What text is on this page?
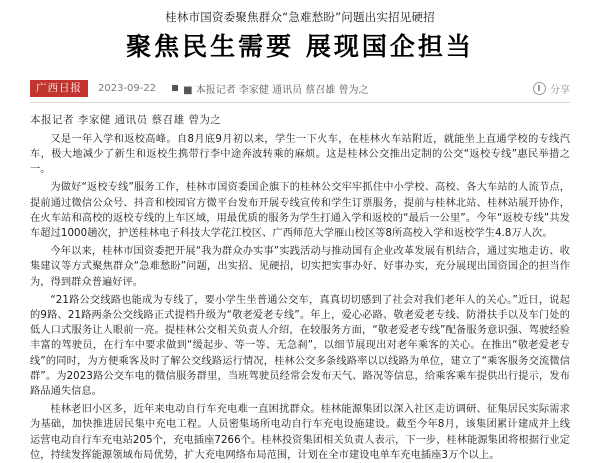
桂林市国资委聚焦群众“急难愁盼”问题出实招见硬招
聚焦民生需要 展现国企担当
广西日报	2023-09-22	■ 本报记者 李家健 通讯员 蔡召雄 曾为之	分享
本报记者 李家健 通讯员 蔡召雄 曾为之

又是一年入学和返校高峰。自8月底9月初以来，学生一下火车，在桂林火车站附近，就能坐上直通学校的专线汽车，极大地减少了新生和返校生携带行李中途奔波转乘的麻烦。这是桂林公交推出定制的公交“返校专线”惠民举措之一。

为做好“返校专线”服务工作，桂林市国资委国企旗下的桂林公交牢牢抓住中小学校、高校、各大车站的人流节点，提前通过微信公众号、抖音和校园官方微平台发布开展专线宣传和学生订票服务，提前与桂林北站、桂林站展开协作，在火车站和高校的返校专线的上车区域，用最优质的服务为学生打通入学和返校的“最后一公里”。今年“返校专线”共发车超过1000趟次，护送桂林电子科技大学花江校区、广西师范大学雁山校区等8所高校入学和返校学生4.8万人次。

今年以来，桂林市国资委把开展“我为群众办实事”实践活动与推动国有企业改革发展有机结合，通过实地走访、收集建议等方式聚焦群众“急难愁盼”问题，出实招、见硬招，切实把实事办好、好事办实，充分展现出国资国企的担当作为，得到群众普遍好评。

“21路公交线路也能成为专线了，要小学生坐普通公交车，真真切切感到了社会对我们老年人的关心。”近日，说起的9路、21路两条公交线路正式提档升级为“敬老爱老专线”。年上，爱心必路、敬老爱老专线、防滑扶手以及车门处的低人口式服务让人眼前一亮。提桂林公交相关负责人介绍，在较服务方面，“敬老爱老专线”配备服务意识强、驾驶经验丰富的驾驶员，在行车中要求做到“缓起步、等一等、无急刹”，以细节展现出对老年乘客的关心。在推出“敬老爱老专线”的同时，为方便乘客及时了解公交线路运行情况，桂林公交多条线路率以以线路为单位，建立了“乘客服务交流微信群”。为2023路公交车电的微信服务群里，当班驾驶员经常会发布天气、路况等信息，给乘客乘车提供出行提示，发布路品通失信息。

桂林老旧小区多，近年来电动自行车充电难一直困扰群众。桂林能源集团以深入社区走访调研、征集居民实际需求为基础，加快推进居民集中充电工程。人员密集场所电动自行车充电设施建设。截至今年8月，该集团累计建成并上线运营电动自行车充电站205个，充电插座7266个。桂林投资集团相关负责人表示，下一步，桂林能源集团将根据行业定位，持续发挥能源领域布局优势，扩大充电网络布局范围，计划在全市建设电单车充电插座3万个以上。
